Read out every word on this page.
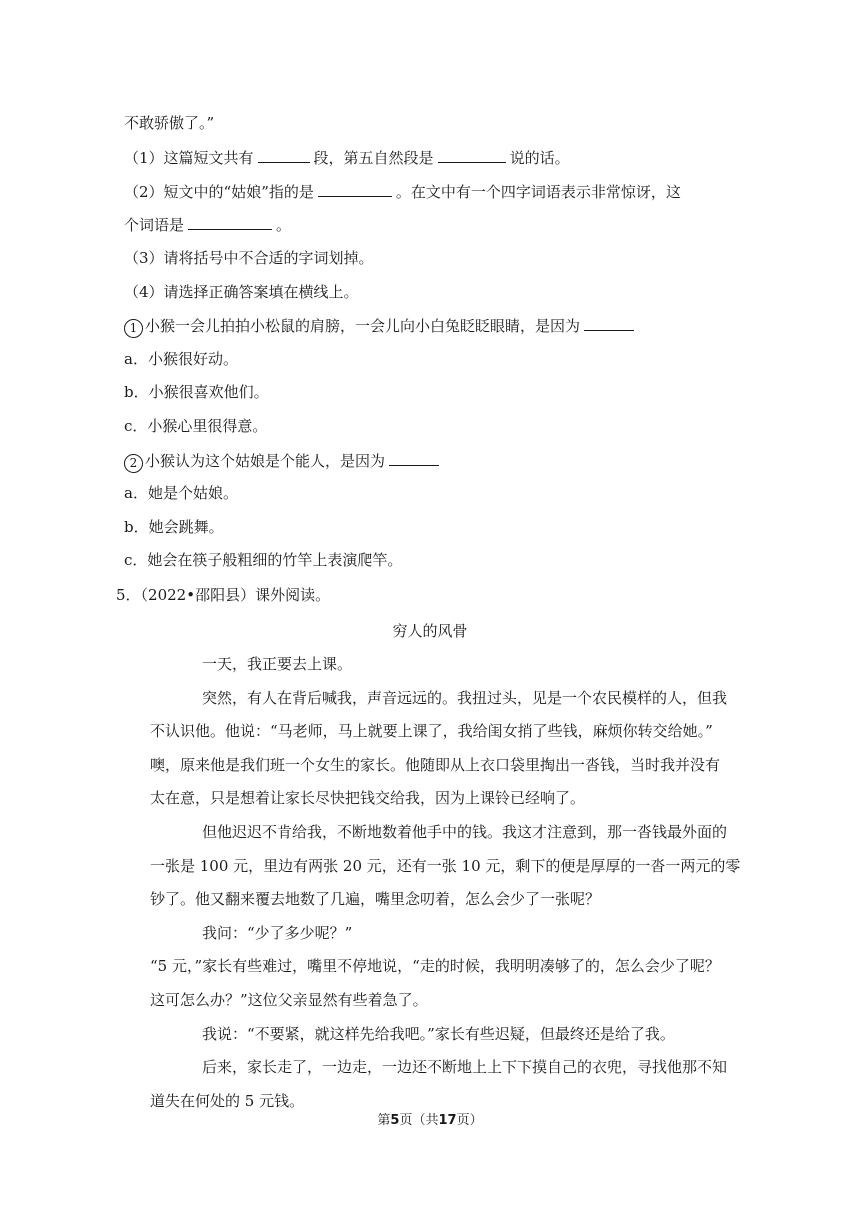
不敢骄傲了。”
（1）这篇短文共有	段，第五自然段是	说的话。
（2）短文中的“姑娘”指的是	。在文中有一个四字词语表示非常惊讶，这
个词语是	。
（3）请将括号中不合适的字词划掉。
（4）请选择正确答案填在横线上。
1 小猴一会儿拍拍小松鼠的肩膀，一会儿向小白兔眨眨眼睛，是因为
a．小猴很好动。
b．小猴很喜欢他们。
c．小猴心里很得意。
2 小猴认为这个姑娘是个能人，是因为
a．她是个姑娘。
b．她会跳舞。
c．她会在筷子般粗细的竹竿上表演爬竿。
5．（2022•邵阳县）课外阅读。
穷人的风骨
一天，我正要去上课。
突然，有人在背后喊我，声音远远的。我扭过头，见是一个农民模样的人，但我
不认识他。他说：“马老师，马上就要上课了，我给闺女捎了些钱，麻烦你转交给她。”
噢，原来他是我们班一个女生的家长。他随即从上衣口袋里掏出一沓钱，当时我并没有
太在意，只是想着让家长尽快把钱交给我，因为上课铃已经响了。
但他迟迟不肯给我，不断地数着他手中的钱。我这才注意到，那一沓钱最外面的
一张是 100 元，里边有两张 20 元，还有一张 10 元，剩下的便是厚厚的一沓一两元的零
钞了。他又翻来覆去地数了几遍，嘴里念叨着，怎么会少了一张呢？
我问：“少了多少呢？”
“5 元，”家长有些难过，嘴里不停地说，“走的时候，我明明凑够了的，怎么会少了呢？
这可怎么办？”这位父亲显然有些着急了。
我说：“不要紧，就这样先给我吧。”家长有些迟疑，但最终还是给了我。
后来，家长走了，一边走，一边还不断地上上下下摸自己的衣兜，寻找他那不知
道失在何处的 5 元钱。
第5页（共17页）
